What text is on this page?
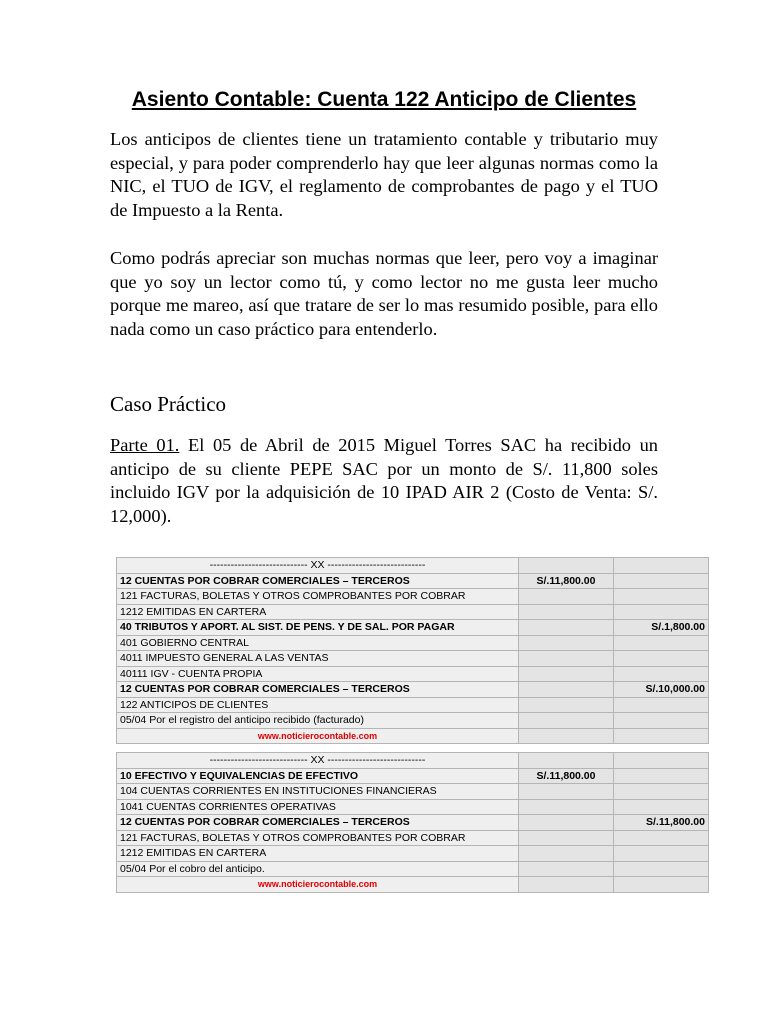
Asiento Contable: Cuenta 122 Anticipo de Clientes
Los anticipos de clientes tiene un tratamiento contable y tributario muy especial, y para poder comprenderlo hay que leer algunas normas como la NIC, el TUO de IGV, el reglamento de comprobantes de pago y el TUO de Impuesto a la Renta.
Como podrás apreciar son muchas normas que leer, pero voy a imaginar que yo soy un lector como tú, y como lector no me gusta leer mucho porque me mareo, así que tratare de ser lo mas resumido posible, para ello nada como un caso práctico para entenderlo.
Caso Práctico
Parte 01. El 05 de Abril de 2015 Miguel Torres SAC ha recibido un anticipo de su cliente PEPE SAC por un monto de S/. 11,800 soles incluido IGV por la adquisición de 10 IPAD AIR 2 (Costo de Venta: S/. 12,000).
---------------------------- XX ----------------------------		
12 CUENTAS POR COBRAR COMERCIALES – TERCEROS	S/.11,800.00	
121 FACTURAS, BOLETAS Y OTROS COMPROBANTES POR COBRAR		
1212 EMITIDAS EN CARTERA		
40 TRIBUTOS Y APORT. AL SIST. DE PENS. Y DE SAL. POR PAGAR		S/.1,800.00
401 GOBIERNO CENTRAL		
4011 IMPUESTO GENERAL A LAS VENTAS		
40111 IGV - CUENTA PROPIA		
12 CUENTAS POR COBRAR COMERCIALES – TERCEROS		S/.10,000.00
122 ANTICIPOS DE CLIENTES		
05/04 Por el registro del anticipo recibido (facturado)		
www.noticierocontable.com		
---------------------------- XX ----------------------------		
10 EFECTIVO Y EQUIVALENCIAS DE EFECTIVO	S/.11,800.00	
104 CUENTAS CORRIENTES EN INSTITUCIONES FINANCIERAS		
1041 CUENTAS CORRIENTES OPERATIVAS		
12 CUENTAS POR COBRAR COMERCIALES – TERCEROS		S/.11,800.00
121 FACTURAS, BOLETAS Y OTROS COMPROBANTES POR COBRAR		
1212 EMITIDAS EN CARTERA		
05/04 Por el cobro del anticipo.		
www.noticierocontable.com		
